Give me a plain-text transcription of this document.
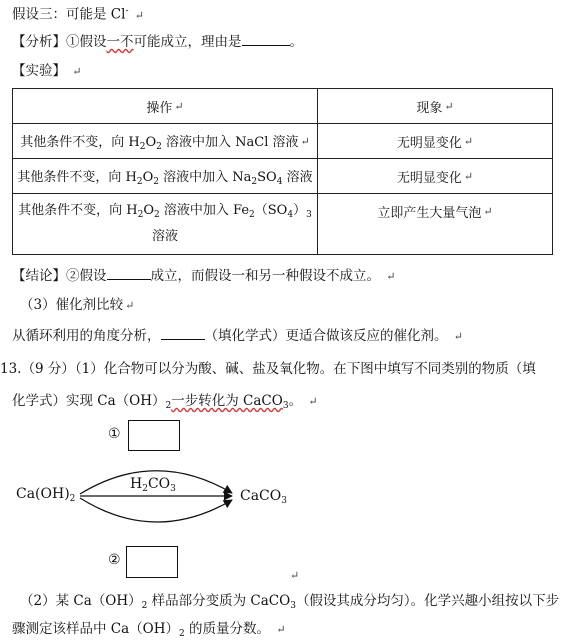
假设三：可能是 Cl- ↵
【分析】①假设一不可能成立，理由是	。
【实验】 ↵
操作 ↵	现象 ↵

其他条件不变，向 $H_2O_2$ 溶液中加入 NaCl 溶液 ↵	无明显变化 ↵

其他条件不变，向 $H_2O_2$ 溶液中加入 $Na_2SO_4$ 溶液	无明显变化 ↵

其他条件不变，向 $H_2O_2$ 溶液中加入 $Fe_2(SO_4)_3$
溶液	立即产生大量气泡 ↵
【结论】②假设	成立，而假设一和另一种假设不成立。 ↵
（3）催化剂比较 ↵
从循环利用的角度分析，	（填化学式）更适合做该反应的催化剂。 ↵
13.（9 分）（1）化合物可以分为酸、碱、盐及氧化物。在下图中填写不同类别的物质（填
化学式）实现 $Ca(OH)_2$一步转化为 CaCO$_3$。 ↵
①
$Ca(OH)_2$
$H_2CO_3$	CaCO$_3$
②
↵
（2）某 $Ca(OH)_2$ 样品部分变质为 CaCO$_3$（假设其成分均匀）。化学兴趣小组按以下步
骤测定该样品中 $Ca(OH)_2$ 的质量分数。 ↵
